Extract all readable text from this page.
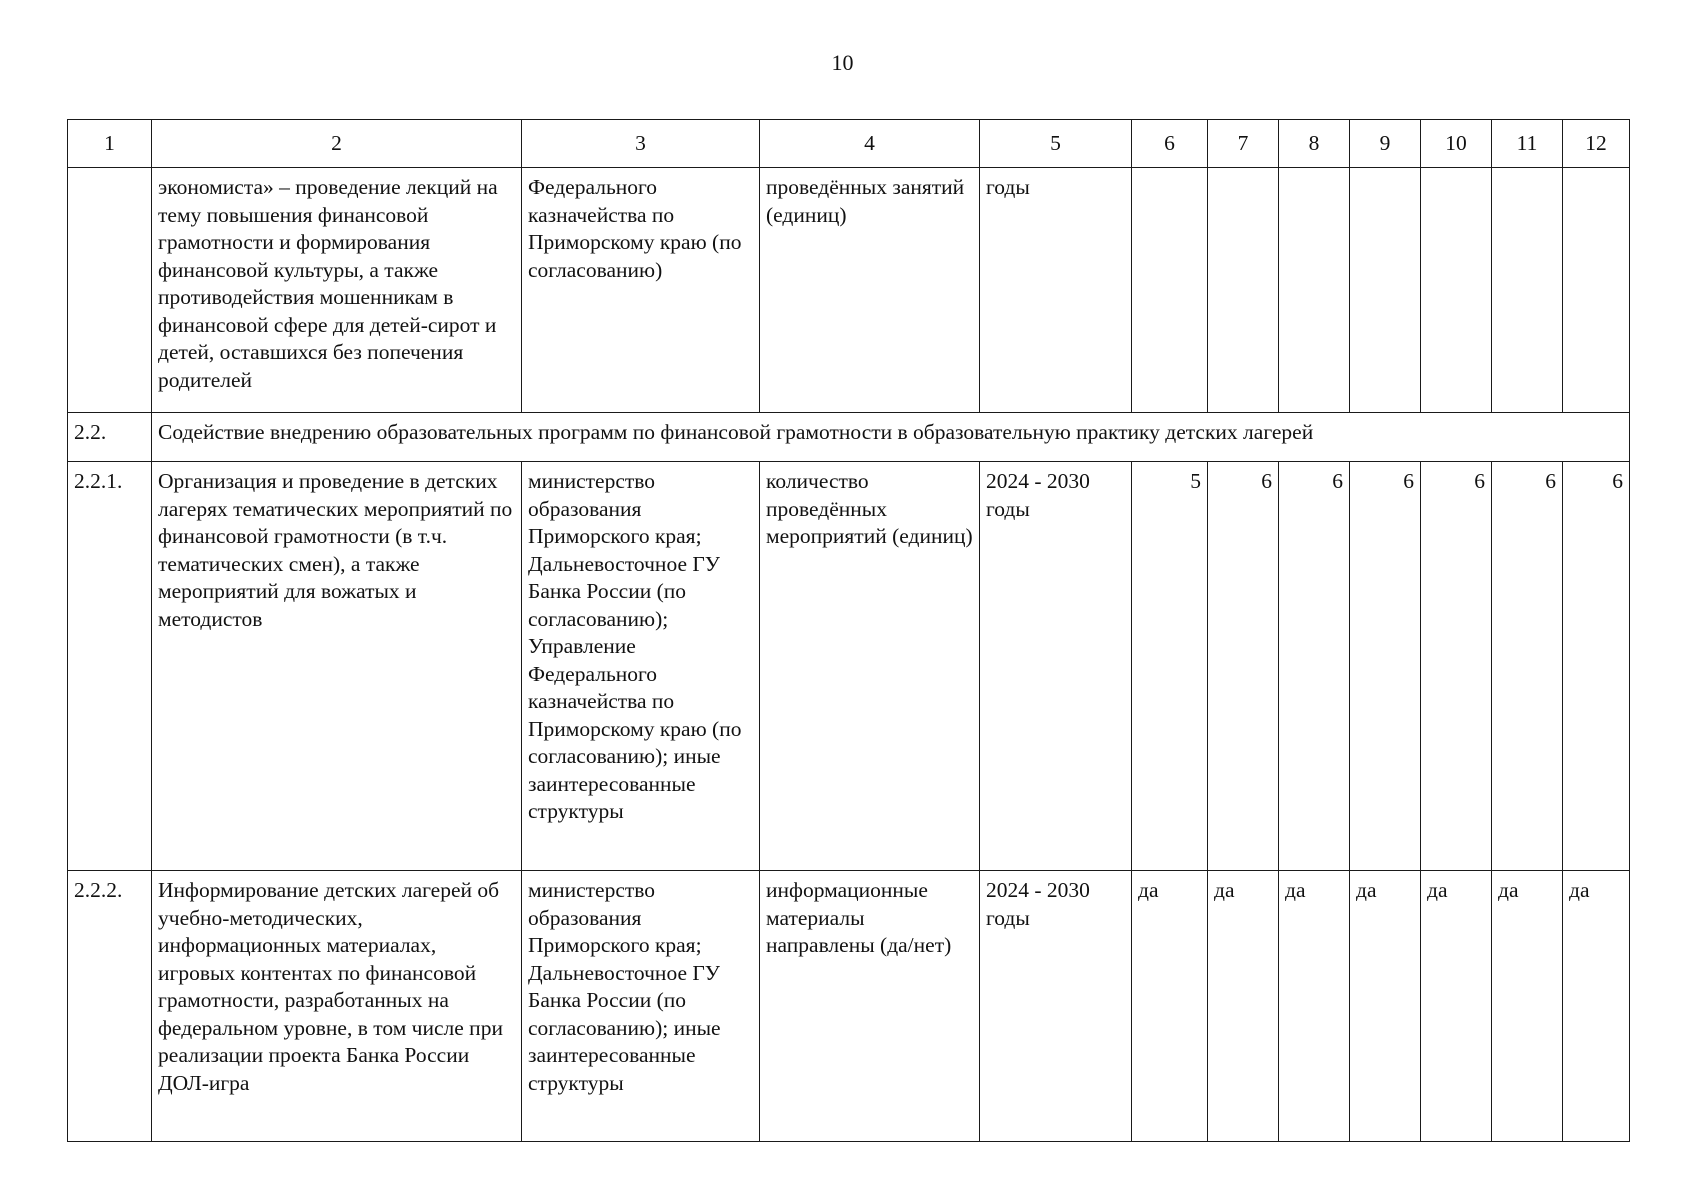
10
1	2	3	4	5	6	7	8	9	10	11	12
	экономиста» – проведение лекций на тему повышения финансовой грамотности и формирования финансовой культуры, а также противодействия мошенникам в финансовой сфере для детей-сирот и детей, оставшихся без попечения родителей	Федерального казначейства по Приморскому краю (по согласованию)	проведённых занятий (единиц)	годы							
2.2.	Содействие внедрению образовательных программ по финансовой грамотности в образовательную практику детских лагерей										
2.2.1.	Организация и проведение в детских лагерях тематических мероприятий по финансовой грамотности (в т.ч. тематических смен), а также мероприятий для вожатых и методистов	министерство образования Приморского края; Дальневосточное ГУ Банка России (по согласованию); Управление Федерального казначейства по Приморскому краю (по согласованию); иные заинтересованные структуры	количество проведённых мероприятий (единиц)	2024 - 2030 годы	5	6	6	6	6	6	6
2.2.2.	Информирование детских лагерей об учебно-методических, информационных материалах, игровых контентах по финансовой грамотности, разработанных на федеральном уровне, в том числе при реализации проекта Банка России ДОЛ-игра	министерство образования Приморского края; Дальневосточное ГУ Банка России (по согласованию); иные заинтересованные структуры	информационные материалы направлены (да/нет)	2024 - 2030 годы	да	да	да	да	да	да	да
